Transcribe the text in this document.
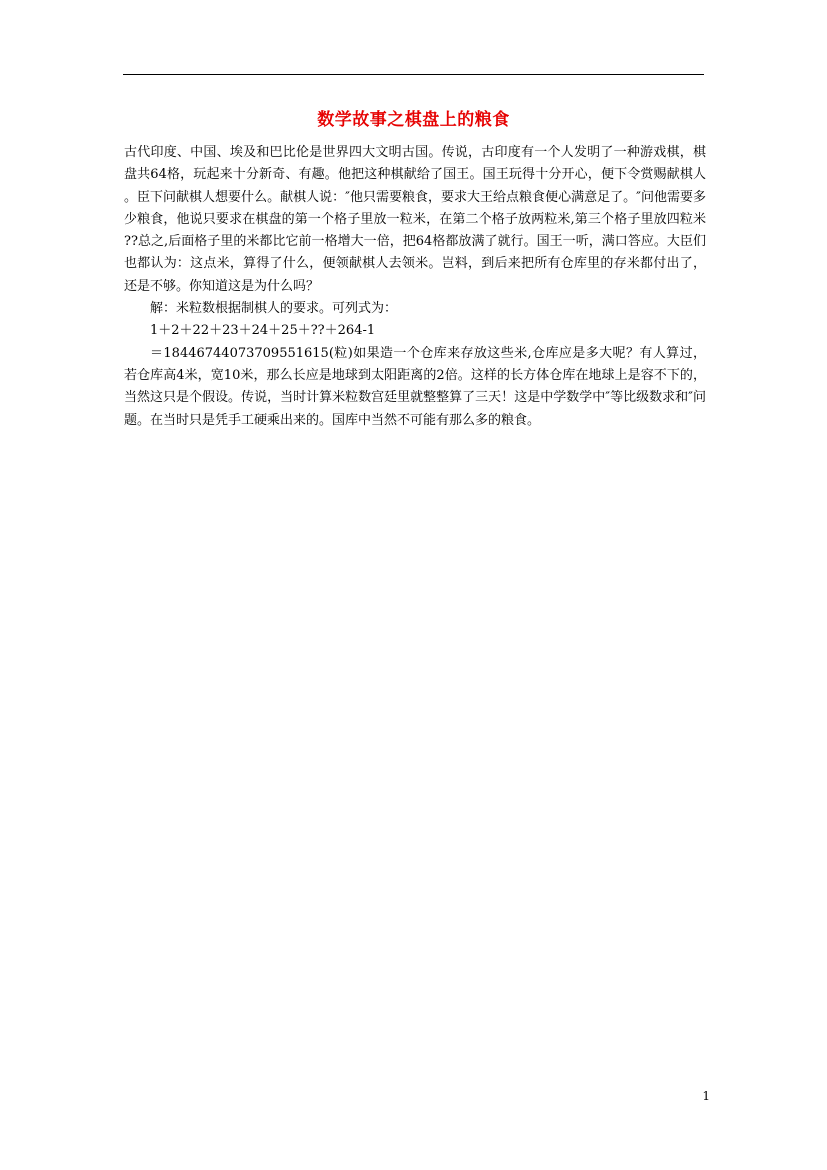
数学故事之棋盘上的粮食

古代印度、中国、埃及和巴比伦是世界四大文明古国。传说，古印度有一个人发明了一种游戏棋，棋盘共64格，玩起来十分新奇、有趣。他把这种棋献给了国王。国王玩得十分开心，便下令赏赐献棋人。臣下问献棋人想要什么。献棋人说：″他只需要粮食，要求大王给点粮食便心满意足了。″问他需要多少粮食，他说只要求在棋盘的第一个格子里放一粒米，在第二个格子放两粒米,第三个格子里放四粒米??总之,后面格子里的米都比它前一格增大一倍，把64格都放满了就行。国王一听，满口答应。大臣们也都认为：这点米，算得了什么，便领献棋人去领米。岂料，到后来把所有仓库里的存米都付出了，还是不够。你知道这是为什么吗？

解：米粒数根据制棋人的要求。可列式为：

1＋2＋22＋23＋24＋25＋??＋264-1

＝18446744073709551615(粒)如果造一个仓库来存放这些米,仓库应是多大呢？有人算过，若仓库高4米，宽10米，那么长应是地球到太阳距离的2倍。这样的长方体仓库在地球上是容不下的，当然这只是个假设。传说，当时计算米粒数宫廷里就整整算了三天！这是中学数学中″等比级数求和″问题。在当时只是凭手工硬乘出来的。国库中当然不可能有那么多的粮食。

1
